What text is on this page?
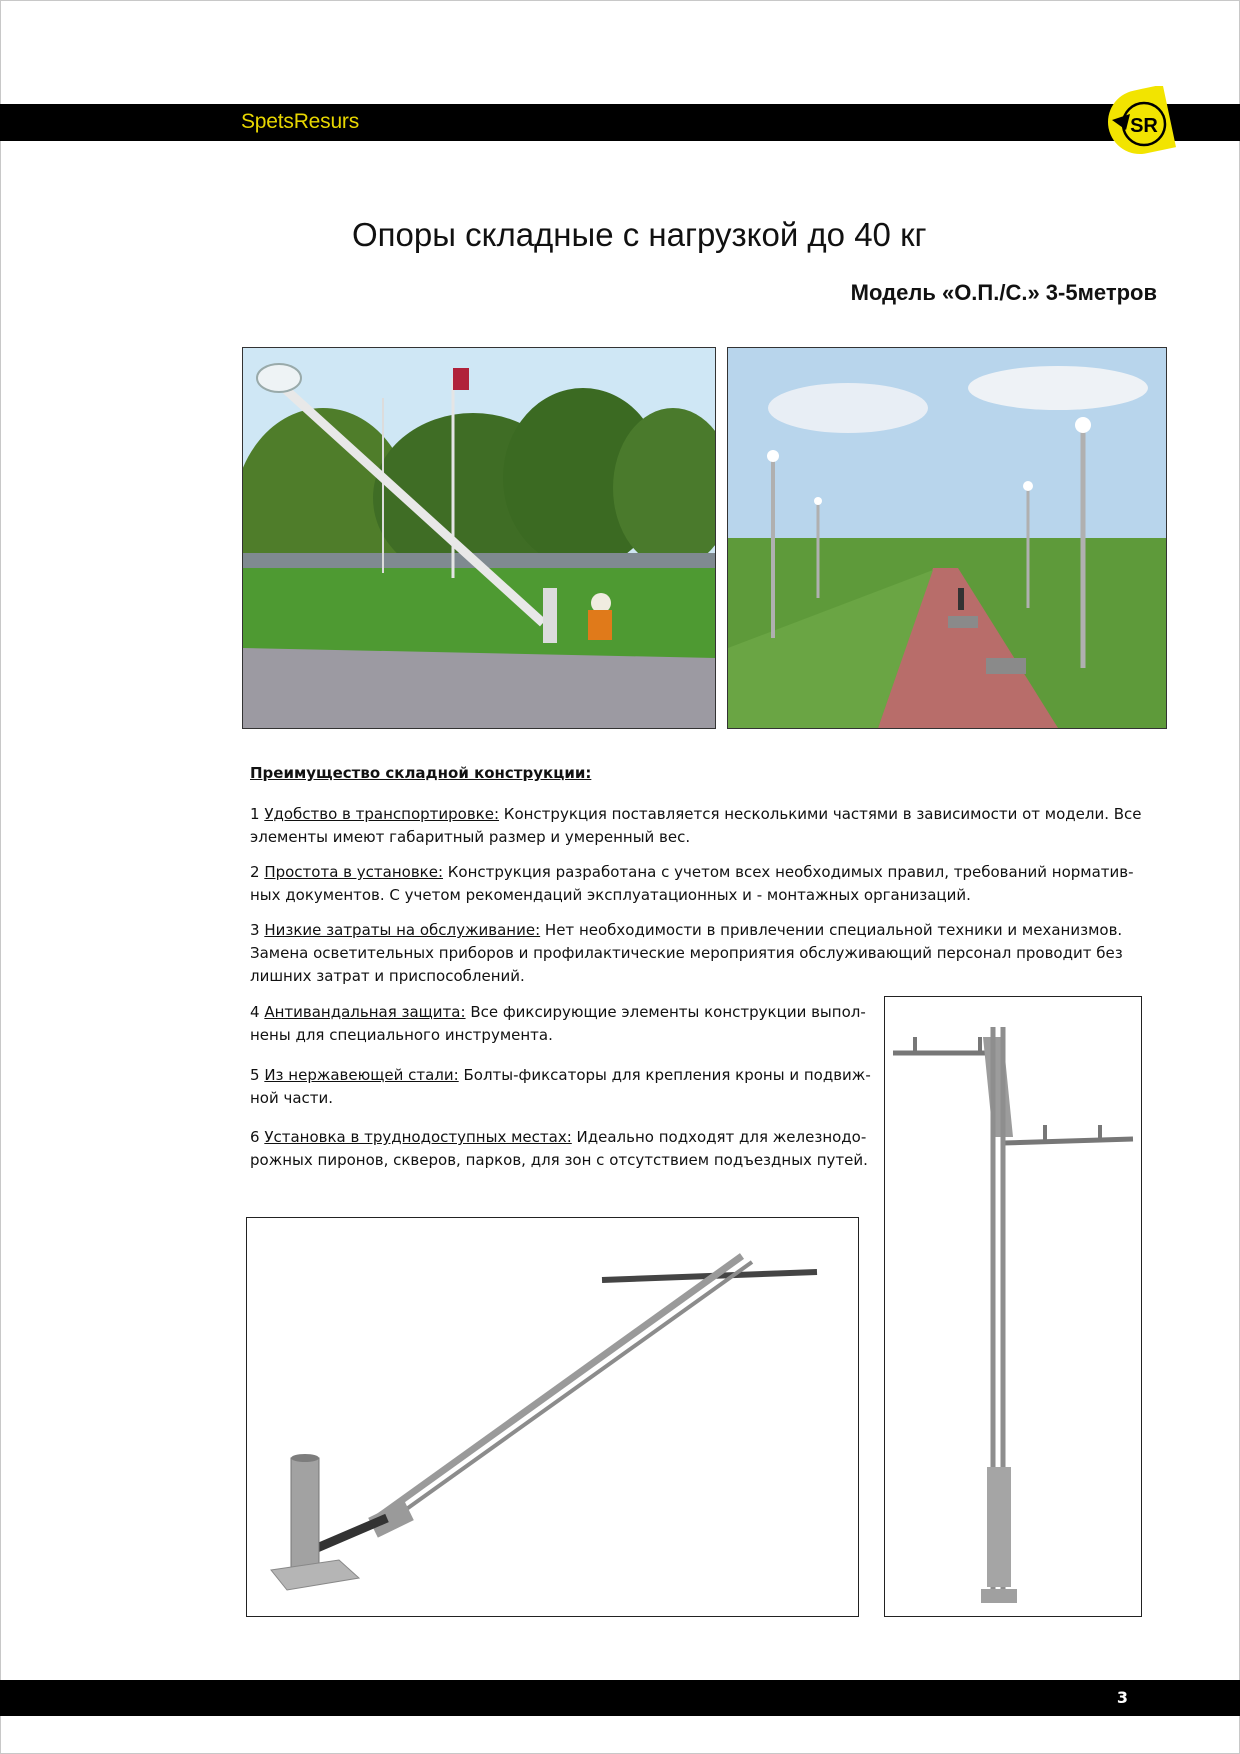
SpetsResurs	SR
Опоры складные с нагрузкой до 40 кг
Модель «О.П./С.» 3-5метров
Преимущество складной конструкции:

1 Удобство в транспортировке: Конструкция поставляется несколькими частями в зависимости от модели. Все

элементы имеют габаритный размер и умеренный вес.

2 Простота в установке: Конструкция разработана с учетом всех необходимых правил, требований норматив-

ных документов. С учетом рекомендаций эксплуатационных и - монтажных организаций.

3 Низкие затраты на обслуживание: Нет необходимости в привлечении специальной техники и механизмов.

Замена осветительных приборов и профилактические мероприятия обслуживающий персонал проводит без

лишних затрат и приспособлений.

4 Антивандальная защита: Все фиксирующие элементы конструкции выпол-

нены для специального инструмента.

5 Из нержавеющей стали: Болты-фиксаторы для крепления кроны и подвиж-

ной части.

6 Установка в труднодоступных местах: Идеально подходят для железнодо-

рожных пиронов, скверов, парков, для зон с отсутствием подъездных путей.

3
